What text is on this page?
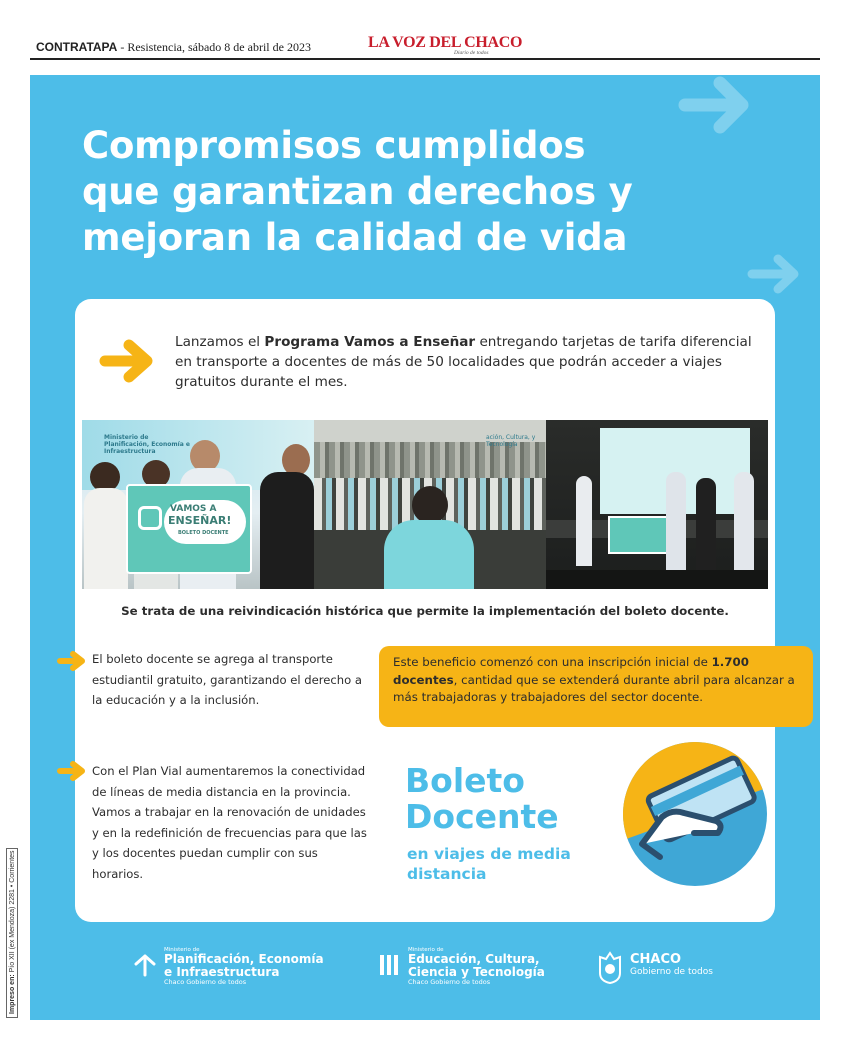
CONTRATAPA - Resistencia, sábado 8 de abril de 2023	LA VOZ DEL CHACO
Diario de todos
Impreso en: Pío XII (ex Mendoza) 2281 • Corrientes
Compromisos cumplidos
que garantizan derechos y
mejoran la calidad de vida
Lanzamos el Programa Vamos a Enseñar entregando tarjetas de tarifa diferencial en transporte a docentes de más de 50 localidades que podrán acceder a viajes gratuitos durante el mes.
Ministerio de Planificación, Economía e Infraestructura
VAMOS A
ENSEÑAR!
BOLETO DOCENTE
ación, Cultura, y Tecnología
Se trata de una reivindicación histórica que permite la implementación del boleto docente.
El boleto docente se agrega al transporte estudiantil gratuito, garantizando el derecho a la educación y a la inclusión.
Con el Plan Vial aumentaremos la conectividad de líneas de media distancia en la provincia. Vamos a trabajar en la renovación de unidades y en la redefinición de frecuencias para que las y los docentes puedan cumplir con sus horarios.
Este beneficio comenzó con una inscripción inicial de 1.700 docentes, cantidad que se extenderá durante abril para alcanzar a más trabajadoras y trabajadores del sector docente.
Boleto
Docente
en viajes de media distancia
Ministerio de
Planificación, Economía
e Infraestructura
Chaco Gobierno de todos
Ministerio de
Educación, Cultura,
Ciencia y Tecnología
Chaco Gobierno de todos
CHACO
Gobierno de todos
